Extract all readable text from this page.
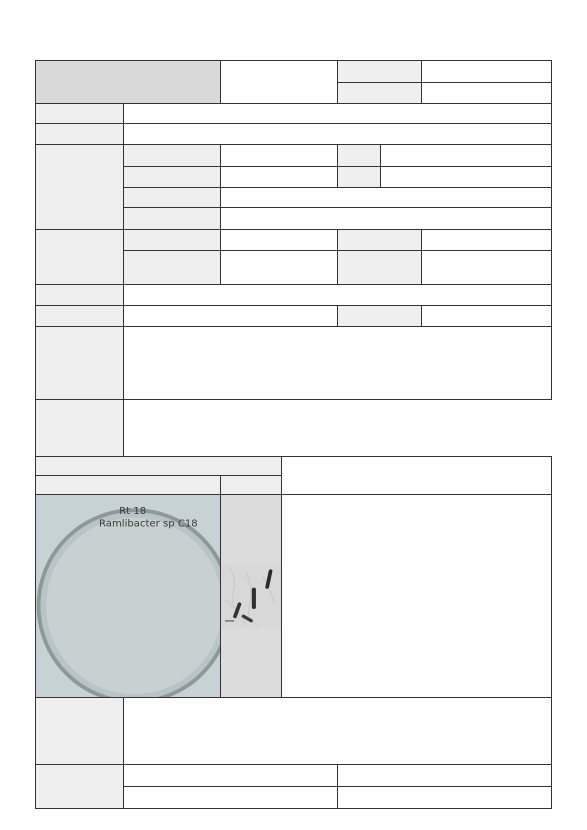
Rt 18 Ramlibacter sp C18
